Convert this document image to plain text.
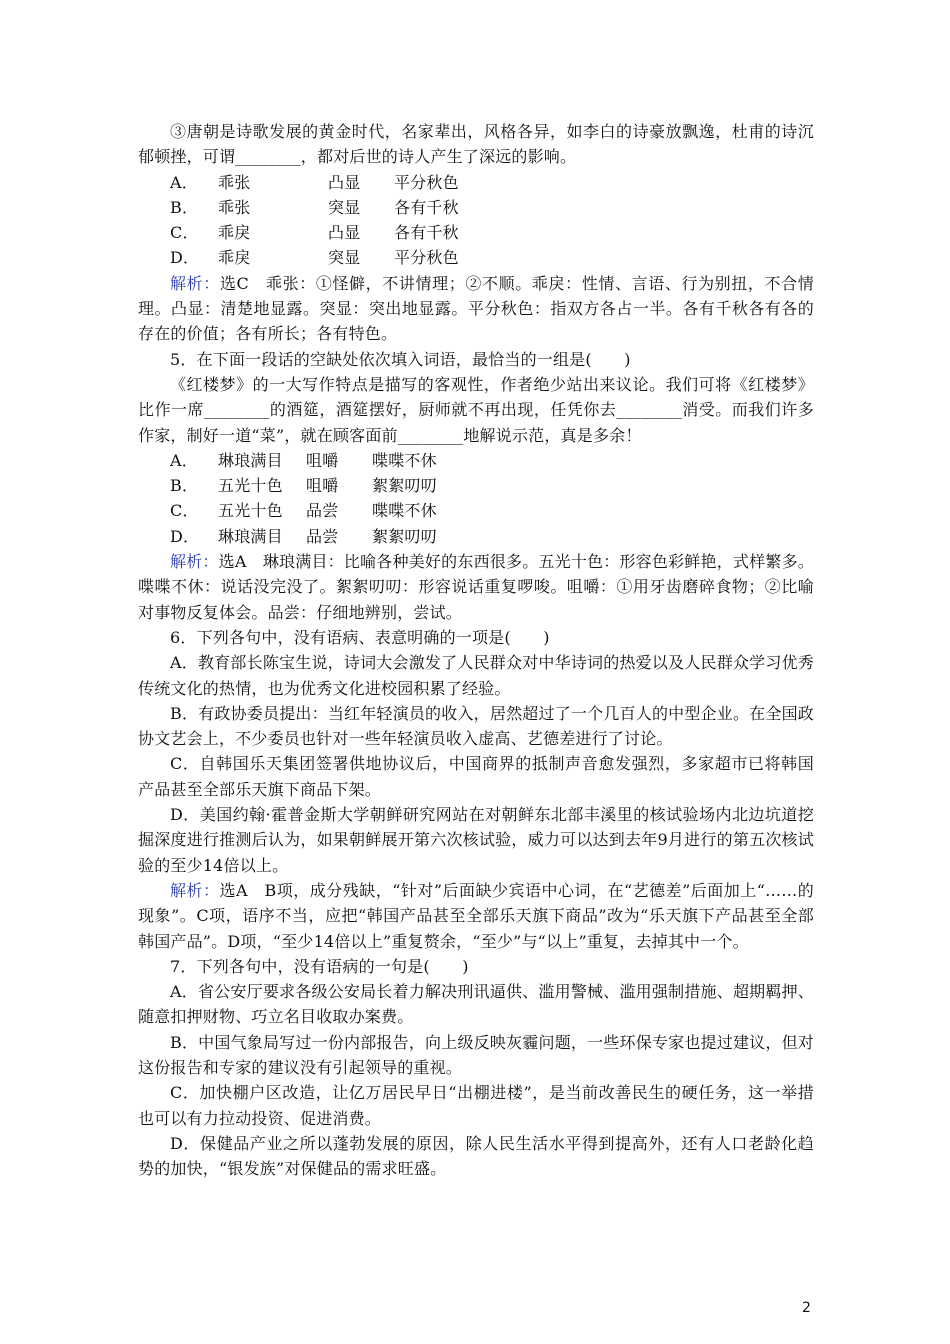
③唐朝是诗歌发展的黄金时代，名家辈出，风格各异，如李白的诗豪放飘逸，杜甫的诗沉郁顿挫，可谓________，都对后世的诗人产生了深远的影响。

A． 乖张	凸显 平分秋色

B． 乖张	突显 各有千秋

C． 乖戾	凸显 各有千秋

D． 乖戾	突显 平分秋色

解析：选C　乖张：①怪僻，不讲情理；②不顺。乖戾：性情、言语、行为别扭，不合情理。凸显：清楚地显露。突显：突出地显露。平分秋色：指双方各占一半。各有千秋各有各的存在的价值；各有所长；各有特色。

5．在下面一段话的空缺处依次填入词语，最恰当的一组是(　　)

《红楼梦》的一大写作特点是描写的客观性，作者绝少站出来议论。我们可将《红楼梦》比作一席________的酒筵，酒筵摆好，厨师就不再出现，任凭你去________消受。而我们许多作家，制好一道“菜”，就在顾客面前________地解说示范，真是多余！

A． 琳琅满目 咀嚼 喋喋不休

B． 五光十色 咀嚼 絮絮叨叨

C． 五光十色 品尝 喋喋不休

D． 琳琅满目 品尝 絮絮叨叨

解析：选A　琳琅满目：比喻各种美好的东西很多。五光十色：形容色彩鲜艳，式样繁多。喋喋不休：说话没完没了。絮絮叨叨：形容说话重复啰唆。咀嚼：①用牙齿磨碎食物；②比喻对事物反复体会。品尝：仔细地辨别，尝试。

6．下列各句中，没有语病、表意明确的一项是(　　)

A．教育部长陈宝生说，诗词大会激发了人民群众对中华诗词的热爱以及人民群众学习优秀传统文化的热情，也为优秀文化进校园积累了经验。

B．有政协委员提出：当红年轻演员的收入，居然超过了一个几百人的中型企业。在全国政协文艺会上，不少委员也针对一些年轻演员收入虚高、艺德差进行了讨论。

C．自韩国乐天集团签署供地协议后，中国商界的抵制声音愈发强烈，多家超市已将韩国产品甚至全部乐天旗下商品下架。

D．美国约翰·霍普金斯大学朝鲜研究网站在对朝鲜东北部丰溪里的核试验场内北边坑道挖掘深度进行推测后认为，如果朝鲜展开第六次核试验，威力可以达到去年9月进行的第五次核试验的至少14倍以上。

解析：选A　B项，成分残缺，“针对”后面缺少宾语中心词，在“艺德差”后面加上“……的现象”。C项，语序不当，应把“韩国产品甚至全部乐天旗下商品”改为“乐天旗下产品甚至全部韩国产品”。D项，“至少14倍以上”重复赘余，“至少”与“以上”重复，去掉其中一个。

7．下列各句中，没有语病的一句是(　　)

A．省公安厅要求各级公安局长着力解决刑讯逼供、滥用警械、滥用强制措施、超期羁押、随意扣押财物、巧立名目收取办案费。

B．中国气象局写过一份内部报告，向上级反映灰霾问题，一些环保专家也提过建议，但对这份报告和专家的建议没有引起领导的重视。

C．加快棚户区改造，让亿万居民早日“出棚进楼”，是当前改善民生的硬任务，这一举措也可以有力拉动投资、促进消费。

D．保健品产业之所以蓬勃发展的原因，除人民生活水平得到提高外，还有人口老龄化趋势的加快，“银发族”对保健品的需求旺盛。

2
